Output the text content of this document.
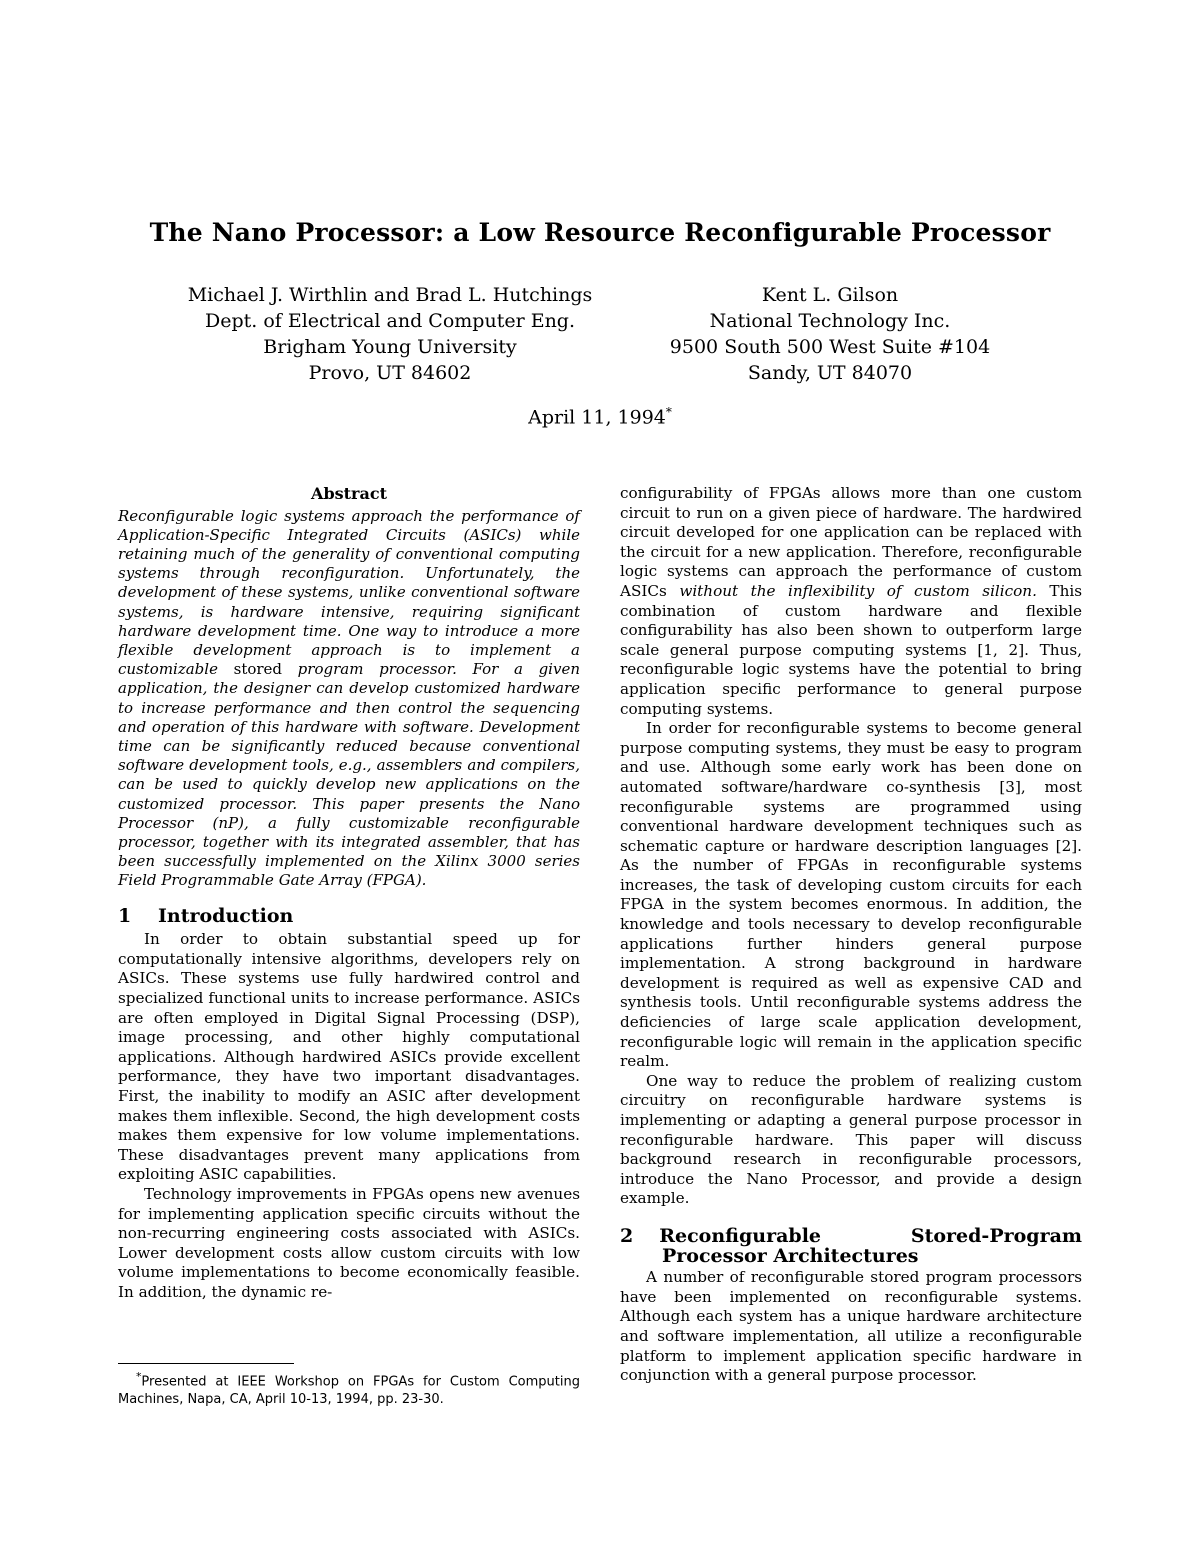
The Nano Processor: a Low Resource Reconfigurable Processor
Michael J. Wirthlin and Brad L. Hutchings
Dept. of Electrical and Computer Eng.
Brigham Young University
Provo, UT 84602
Kent L. Gilson
National Technology Inc.
9500 South 500 West Suite #104
Sandy, UT 84070
April 11, 1994*
Abstract
Reconfigurable logic systems approach the performance of Application-Specific Integrated Circuits (ASICs) while retaining much of the generality of conventional computing systems through reconfiguration. Unfortunately, the development of these systems, unlike conventional software systems, is hardware intensive, requiring significant hardware development time. One way to introduce a more flexible development approach is to implement a customizable stored program processor. For a given application, the designer can develop customized hardware to increase performance and then control the sequencing and operation of this hardware with software. Development time can be significantly reduced because conventional software development tools, e.g., assemblers and compilers, can be used to quickly develop new applications on the customized processor. This paper presents the Nano Processor (nP), a fully customizable reconfigurable processor, together with its integrated assembler, that has been successfully implemented on the Xilinx 3000 series Field Programmable Gate Array (FPGA).
1	Introduction

In order to obtain substantial speed up for computationally intensive algorithms, developers rely on ASICs. These systems use fully hardwired control and specialized functional units to increase performance. ASICs are often employed in Digital Signal Processing (DSP), image processing, and other highly computational applications. Although hardwired ASICs provide excellent performance, they have two important disadvantages. First, the inability to modify an ASIC after development makes them inflexible. Second, the high development costs makes them expensive for low volume implementations. These disadvantages prevent many applications from exploiting ASIC capabilities.

Technology improvements in FPGAs opens new avenues for implementing application specific circuits without the non-recurring engineering costs associated with ASICs. Lower development costs allow custom circuits with low volume implementations to become economically feasible. In addition, the dynamic re-

*Presented at IEEE Workshop on FPGAs for Custom Computing Machines, Napa, CA, April 10-13, 1994, pp. 23-30.

configurability of FPGAs allows more than one custom circuit to run on a given piece of hardware. The hardwired circuit developed for one application can be replaced with the circuit for a new application. Therefore, reconfigurable logic systems can approach the performance of custom ASICs without the inflexibility of custom silicon. This combination of custom hardware and flexible configurability has also been shown to outperform large scale general purpose computing systems [1, 2]. Thus, reconfigurable logic systems have the potential to bring application specific performance to general purpose computing systems.

In order for reconfigurable systems to become general purpose computing systems, they must be easy to program and use. Although some early work has been done on automated software/hardware co-synthesis [3], most reconfigurable systems are programmed using conventional hardware development techniques such as schematic capture or hardware description languages [2]. As the number of FPGAs in reconfigurable systems increases, the task of developing custom circuits for each FPGA in the system becomes enormous. In addition, the knowledge and tools necessary to develop reconfigurable applications further hinders general purpose implementation. A strong background in hardware development is required as well as expensive CAD and synthesis tools. Until reconfigurable systems address the deficiencies of large scale application development, reconfigurable logic will remain in the application specific realm.

One way to reduce the problem of realizing custom circuitry on reconfigurable hardware systems is implementing or adapting a general purpose processor in reconfigurable hardware. This paper will discuss background research in reconfigurable processors, introduce the Nano Processor, and provide a design example.

2 Reconfigurable	Stored-Program
Processor Architectures

A number of reconfigurable stored program processors have been implemented on reconfigurable systems. Although each system has a unique hardware architecture and software implementation, all utilize a reconfigurable platform to implement application specific hardware in conjunction with a general purpose processor.
